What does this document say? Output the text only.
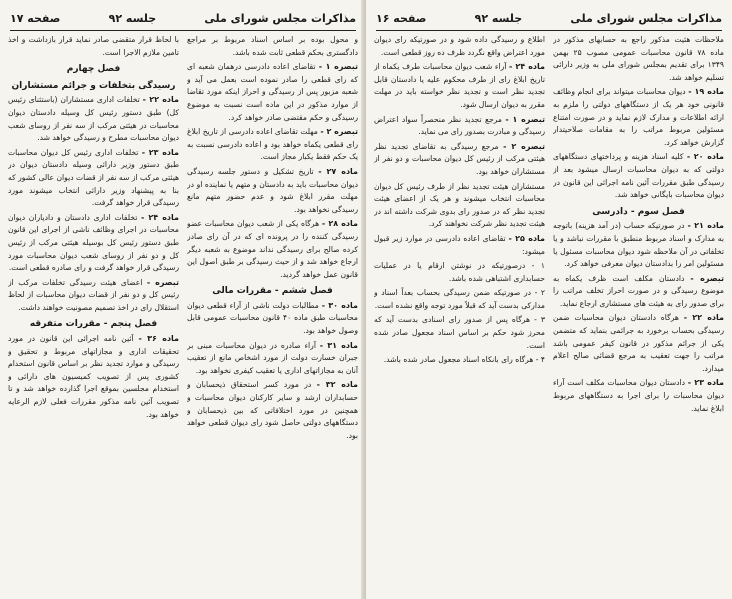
مذاکرات مجلس شورای ملی
جلسه ۹۲
صفحه ۱۷

با لحاظ قرار متقضی صادر نماید قرار بازداشت و اخذ تامین ملازم الاجرا است.

فصل چهارم
رسیدگی بتخلفات و جرائم مستشاران

ماده ۲۲ - تخلفات اداری مستشاران (باستثنای رئیس کل) طبق دستور رئیس کل وسیله دادستان دیوان محاسبات در هیئتی مرکب از سه نفر از روسای شعب دیوان محاسبات مطرح و رسیدگی خواهد شد.

ماده ۲۳ - تخلفات اداری رئیس کل دیوان محاسبات طبق دستور وزیر دارائی وسیله دادستان دیوان در هیئتی مرکب از سه نفر از قضات دیوان عالی کشور که بنا به پیشنهاد وزیر دارائی انتخاب میشوند مورد رسیدگی قرار خواهد گرفت.

ماده ۲۴ - تخلفات اداری دادستان و دادیاران دیوان محاسبات در اجرای وظائف ناشی از اجرای این قانون طبق دستور رئیس کل بوسیله هیئتی مرکب از رئیس کل و دو نفر از روسای شعب دیوان محاسبات مورد رسیدگی قرار خواهد گرفت و رای صادره قطعی است.

تبصره - اعضای هیئت رسیدگی تخلفات مرکب از رئیس کل و دو نفر از قضات دیوان محاسبات از لحاظ استقلال رای در اخذ تصمیم مصونیت خواهند داشت.

فصل پنجم - مقررات متفرقه

ماده ۳۶ - آئین نامه اجرائی این قانون در مورد تحقیقات اداری و مجازاتهای مربوط و تحقیق و رسیدگی و موارد تجدید نظر بر اساس قانون استخدام کشوری پس از تصویب کمیسیون های دارائی و استخدام مجلسین بموقع اجرا گذارده خواهد شد و تا تصویب آئین نامه مذکور مقررات فعلی لازم الرعایه خواهد بود.

و محول بوده بر اساس اسناد مربوط بر مراجع دادگستری بحکم قطعی ثابت شده باشد.

تبصره ۱ - تقاضای اعاده دادرسی درهمان شعبه ای که رای قطعی را صادر نموده است بعمل می آید و شعبه مزبور پس از رسیدگی و احراز اینکه مورد تقاضا از موارد مذکور در این ماده است نسبت به موضوع رسیدگی و حکم مقتضی صادر خواهد کرد.

تبصره ۲ - مهلت تقاضای اعاده دادرسی از تاریخ ابلاغ رای قطعی یکماه خواهد بود و اعاده دادرسی نسبت به یک حکم فقط یکبار مجاز است.

ماده ۲۷ - تاریخ تشکیل و دستور جلسه رسیدگی دیوان محاسبات باید به دادستان و متهم یا نماینده او در مهلت مقرر ابلاغ شود و عدم حضور متهم مانع رسیدگی نخواهد بود.

ماده ۲۸ - هرگاه یکی از شعب دیوان محاسبات عضو رسیدگی کننده را در پرونده ای که در آن رای صادر کرده صالح برای رسیدگی نداند موضوع به شعبه دیگر ارجاع خواهد شد و از حیث رسیدگی بر طبق اصول این قانون عمل خواهد گردید.

فصل ششم - مقررات مالی

ماده ۳۰ - مطالبات دولت ناشی از آراء قطعی دیوان محاسبات طبق ماده ۴۰ قانون محاسبات عمومی قابل وصول خواهد بود.

ماده ۳۱ - آراء صادره در دیوان محاسبات مبنی بر جبران خسارت دولت از مورد اشخاص مانع از تعقیب آنان به مجازاتهای اداری یا تعقیب کیفری نخواهد بود.

ماده ۳۲ - در مورد کسر استحقاق ذیحسابان و حسابداران ارشد و سایر کارکنان دیوان محاسبات و همچنین در مورد اختلافاتی که بین ذیحسابان و دستگاههای دولتی حاصل شود رای دیوان قطعی خواهد بود.

مذاکرات مجلس شورای ملی
جلسه ۹۲
صفحه ۱۶

اطلاع و رسیدگی داده شود و در صورتیکه رای دیوان مورد اعتراض واقع نگردد ظرف ده روز قطعی است.

ماده ۲۴ - آراء شعب دیوان محاسبات طرف یکماه از تاریخ ابلاغ رای از طرف محکوم علیه یا دادستان قابل تجدید نظر است و تجدید نظر خواسته باید در مهلت مقرر به دیوان ارسال شود.

تبصره ۱ - مرجع تجدید نظر منحصراً سواد اعتراض رسیدگی و مبادرت بصدور رای می نماید.

تبصره ۲ - مرجع رسیدگی به تقاضای تجدید نظر هیئتی مرکب از رئیس کل دیوان محاسبات و دو نفر از مستشاران خواهد بود.

مستشاران هیئت تجدید نظر از طرف رئیس کل دیوان محاسبات انتخاب میشوند و هر یک از اعضای هیئت تجدید نظر که در صدور رای بدوی شرکت داشته اند در هیئت تجدید نظر شرکت نخواهند کرد.

ماده ۲۵ - تقاضای اعاده دادرسی در موارد زیر قبول میشود:

۱ - درصورتیکه در نوشتن ارقام یا در عملیات حسابداری اشتباهی شده باشد.

۲ - در صورتیکه ضمن رسیدگی بحساب بعداً اسناد و مدارکی بدست آید که قبلاً مورد توجه واقع نشده است.

۳ - هرگاه پس از صدور رای اسنادی بدست آید که محرز شود حکم بر اساس اسناد مجعول صادر شده است.

۴ - هرگاه رای بانکاه اسناد مجعول صادر شده باشد.

ملاحظات هئیت مذکور راجع به حسابهای مذکور در ماده ۷۸ قانون محاسبات عمومی مصوب ۲۵ بهمن ۱۳۴۹ برای تقدیم بمجلس شورای ملی به وزیر دارائی تسلیم خواهد شد.

ماده ۱۹ - دیوان محاسبات میتواند برای انجام وظائف قانونی خود هر یک از دستگاههای دولتی را ملزم به ارائه اطلاعات و مدارک لازم نماید و در صورت امتناع مسئولین مربوط مراتب را به مقامات صلاحیتدار گزارش خواهد کرد.

ماده ۲۰ - کلیه اسناد هزینه و پرداختهای دستگاههای دولتی که به دیوان محاسبات ارسال میشود بعد از رسیدگی طبق مقررات آئین نامه اجرائی این قانون در دیوان محاسبات بایگانی خواهد شد.

فصل سوم - دادرسی

ماده ۲۱ - در صورتیکه حساب (در آمد هزینه) باتوجه به مدارک و اسناد مربوط منطبق با مقررات نباشد و یا تخلفاتی در آن ملاحظه شود دیوان محاسبات مسئول یا مسئولین امر را بدادستان دیوان معرفی خواهد کرد.

تبصره - دادستان مکلف است ظرف یکماه به موضوع رسیدگی و در صورت احراز تخلف مراتب را برای صدور رای به هیئت های مستشاری ارجاع نماید.

ماده ۲۲ - هرگاه دادستان دیوان محاسبات ضمن رسیدگی بحساب برخورد به جرائمی بنماید که متضمن یکی از جرائم مذکور در قانون کیفر عمومی باشد مراتب را جهت تعقیب به مرجع قضائی صالح اعلام میدارد.

ماده ۲۳ - دادستان دیوان محاسبات مکلف است آراء دیوان محاسبات را برای اجرا به دستگاههای مربوط ابلاغ نماید.
